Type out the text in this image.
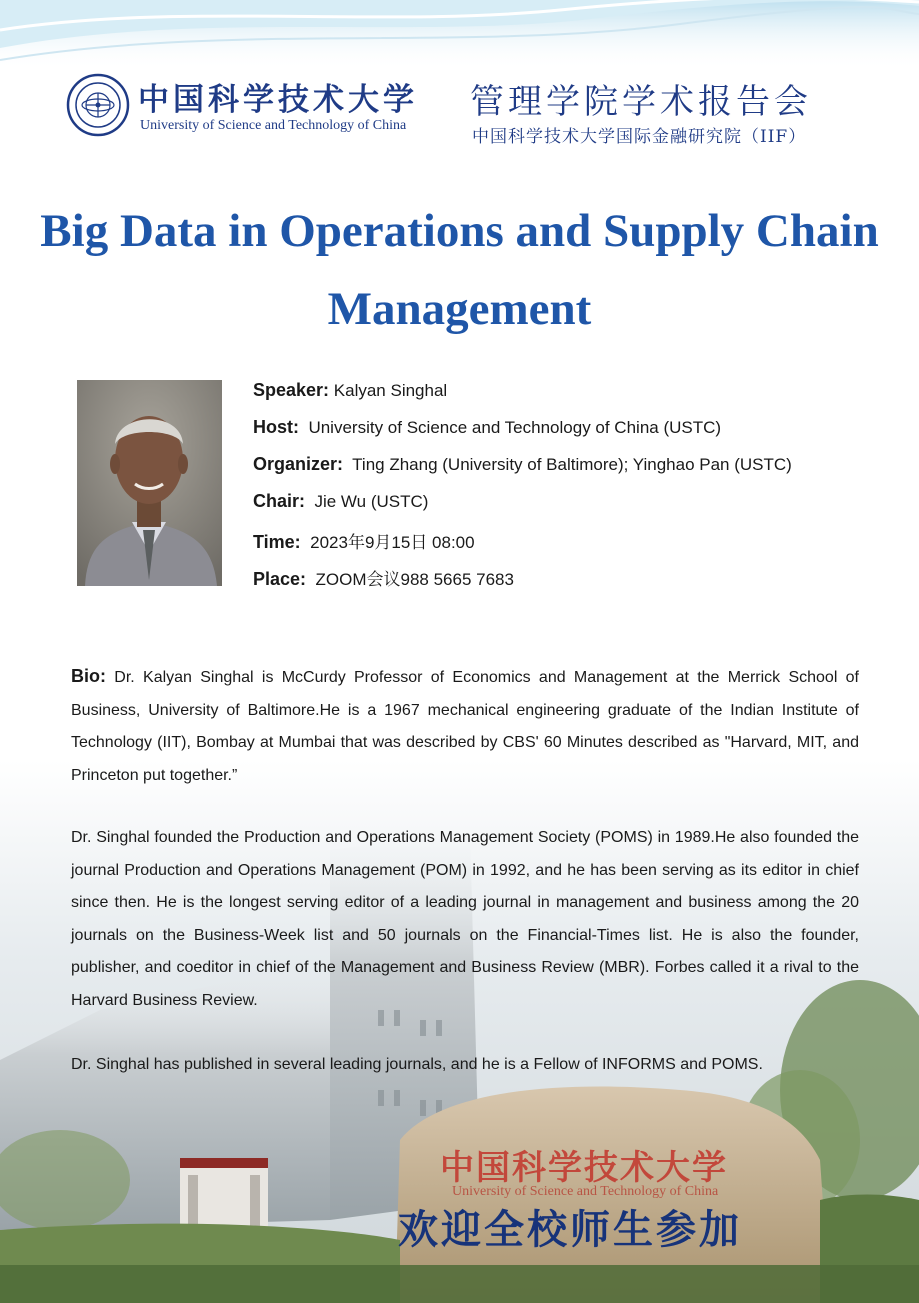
中国科学技术大学
University of Science and Technology of China
管理学院学术报告会
中国科学技术大学国际金融研究院（IIF）
Big Data in Operations and Supply Chain Management
Speaker: Kalyan Singhal
Host: University of Science and Technology of China (USTC)
Organizer: Ting Zhang (University of Baltimore); Yinghao Pan (USTC)
Chair: Jie Wu (USTC)
Time: 2023年9月15日 08:00
Place: ZOOM会议988 5665 7683
Bio: Dr. Kalyan Singhal is McCurdy Professor of Economics and Management at the Merrick School of Business, University of Baltimore.He is a 1967 mechanical engineering graduate of the Indian Institute of Technology (IIT), Bombay at Mumbai that was described by CBS' 60 Minutes described as "Harvard, MIT, and Princeton put together.”
Dr. Singhal founded the Production and Operations Management Society (POMS) in 1989.He also founded the journal Production and Operations Management (POM) in 1992, and he has been serving as its editor in chief since then. He is the longest serving editor of a leading journal in management and business among the 20 journals on the Business-Week list and 50 journals on the Financial-Times list. He is also the founder, publisher, and coeditor in chief of the Management and Business Review (MBR). Forbes called it a rival to the Harvard Business Review.
Dr. Singhal has published in several leading journals, and he is a Fellow of INFORMS and POMS.
中国科学技术大学
University of Science and Technology of China
欢迎全校师生参加
